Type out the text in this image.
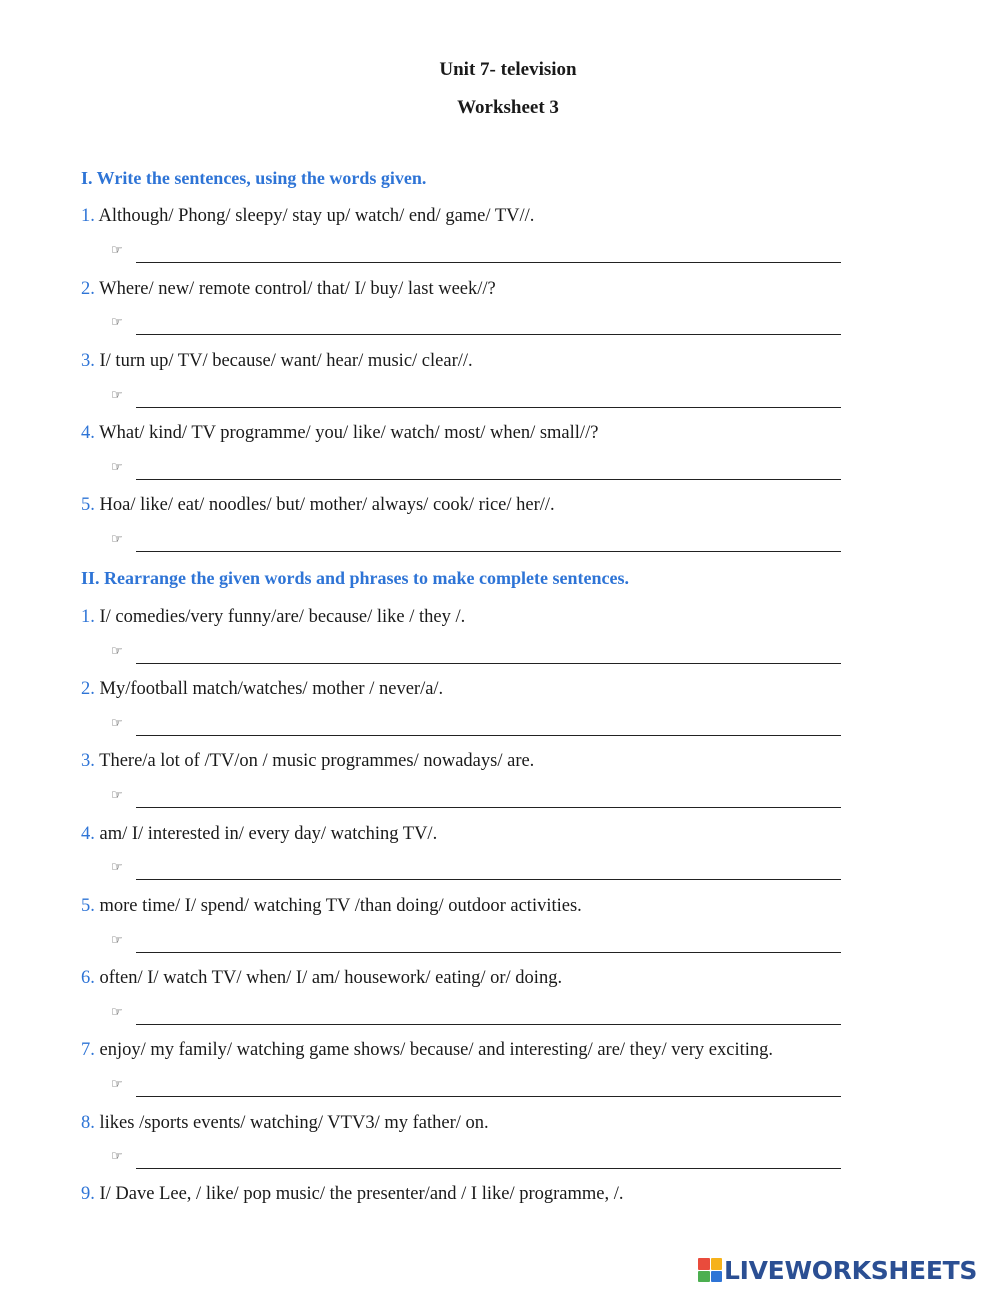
Unit 7- television
Worksheet 3
I. Write the sentences, using the words given.
1. Although/ Phong/ sleepy/ stay up/ watch/ end/ game/ TV//.
☞
2. Where/ new/ remote control/ that/ I/ buy/ last week//?
☞
3. I/ turn up/ TV/ because/ want/ hear/ music/ clear//.
☞
4. What/ kind/ TV programme/ you/ like/ watch/ most/ when/ small//?
☞
5. Hoa/ like/ eat/ noodles/ but/ mother/ always/ cook/ rice/ her//.
☞
II. Rearrange the given words and phrases to make complete sentences.
1. I/ comedies/very funny/are/ because/ like / they /.
☞
2. My/football match/watches/ mother / never/a/.
☞
3. There/a lot of /TV/on / music programmes/ nowadays/ are.
☞
4. am/ I/ interested in/ every day/ watching TV/.
☞
5. more time/ I/ spend/ watching TV /than doing/ outdoor activities.
☞
6. often/ I/ watch TV/ when/ I/ am/ housework/ eating/ or/ doing.
☞
7. enjoy/ my family/ watching game shows/ because/ and interesting/ are/ they/ very exciting.
☞
8. likes /sports events/ watching/ VTV3/ my father/ on.
☞
9. I/ Dave Lee, / like/ pop music/ the presenter/and / I like/ programme, /.
LIVEWORKSHEETS
